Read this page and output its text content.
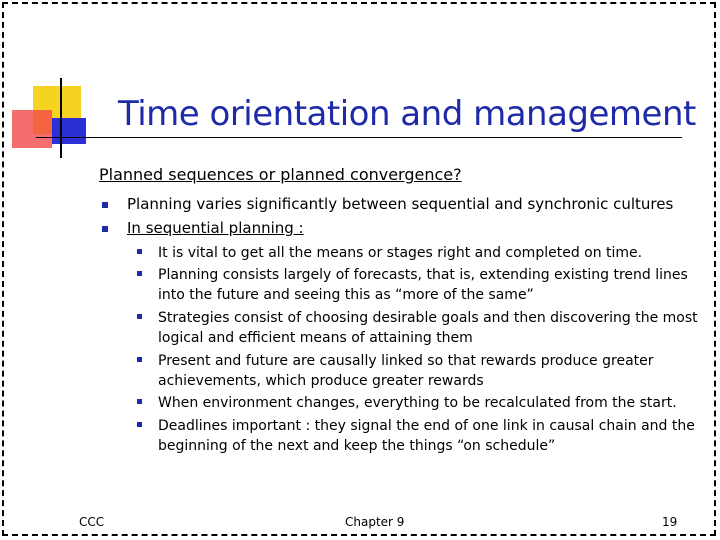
Time orientation and management
Planned sequences or planned convergence?
Planning varies significantly between sequential and synchronic cultures
In sequential planning :
It is vital to get all the means or stages right and completed on time.
Planning consists largely of forecasts, that is, extending existing trend lines into the future and seeing this as “more of the same”
Strategies consist of choosing desirable goals and then discovering the most logical and efficient means of attaining them
Present and future are causally linked so that rewards produce greater achievements, which produce greater rewards
When environment changes, everything to be recalculated from the start.
Deadlines important : they signal the end of one link in causal chain and the beginning of the next and keep the things “on schedule”
CCC	Chapter 9	19
